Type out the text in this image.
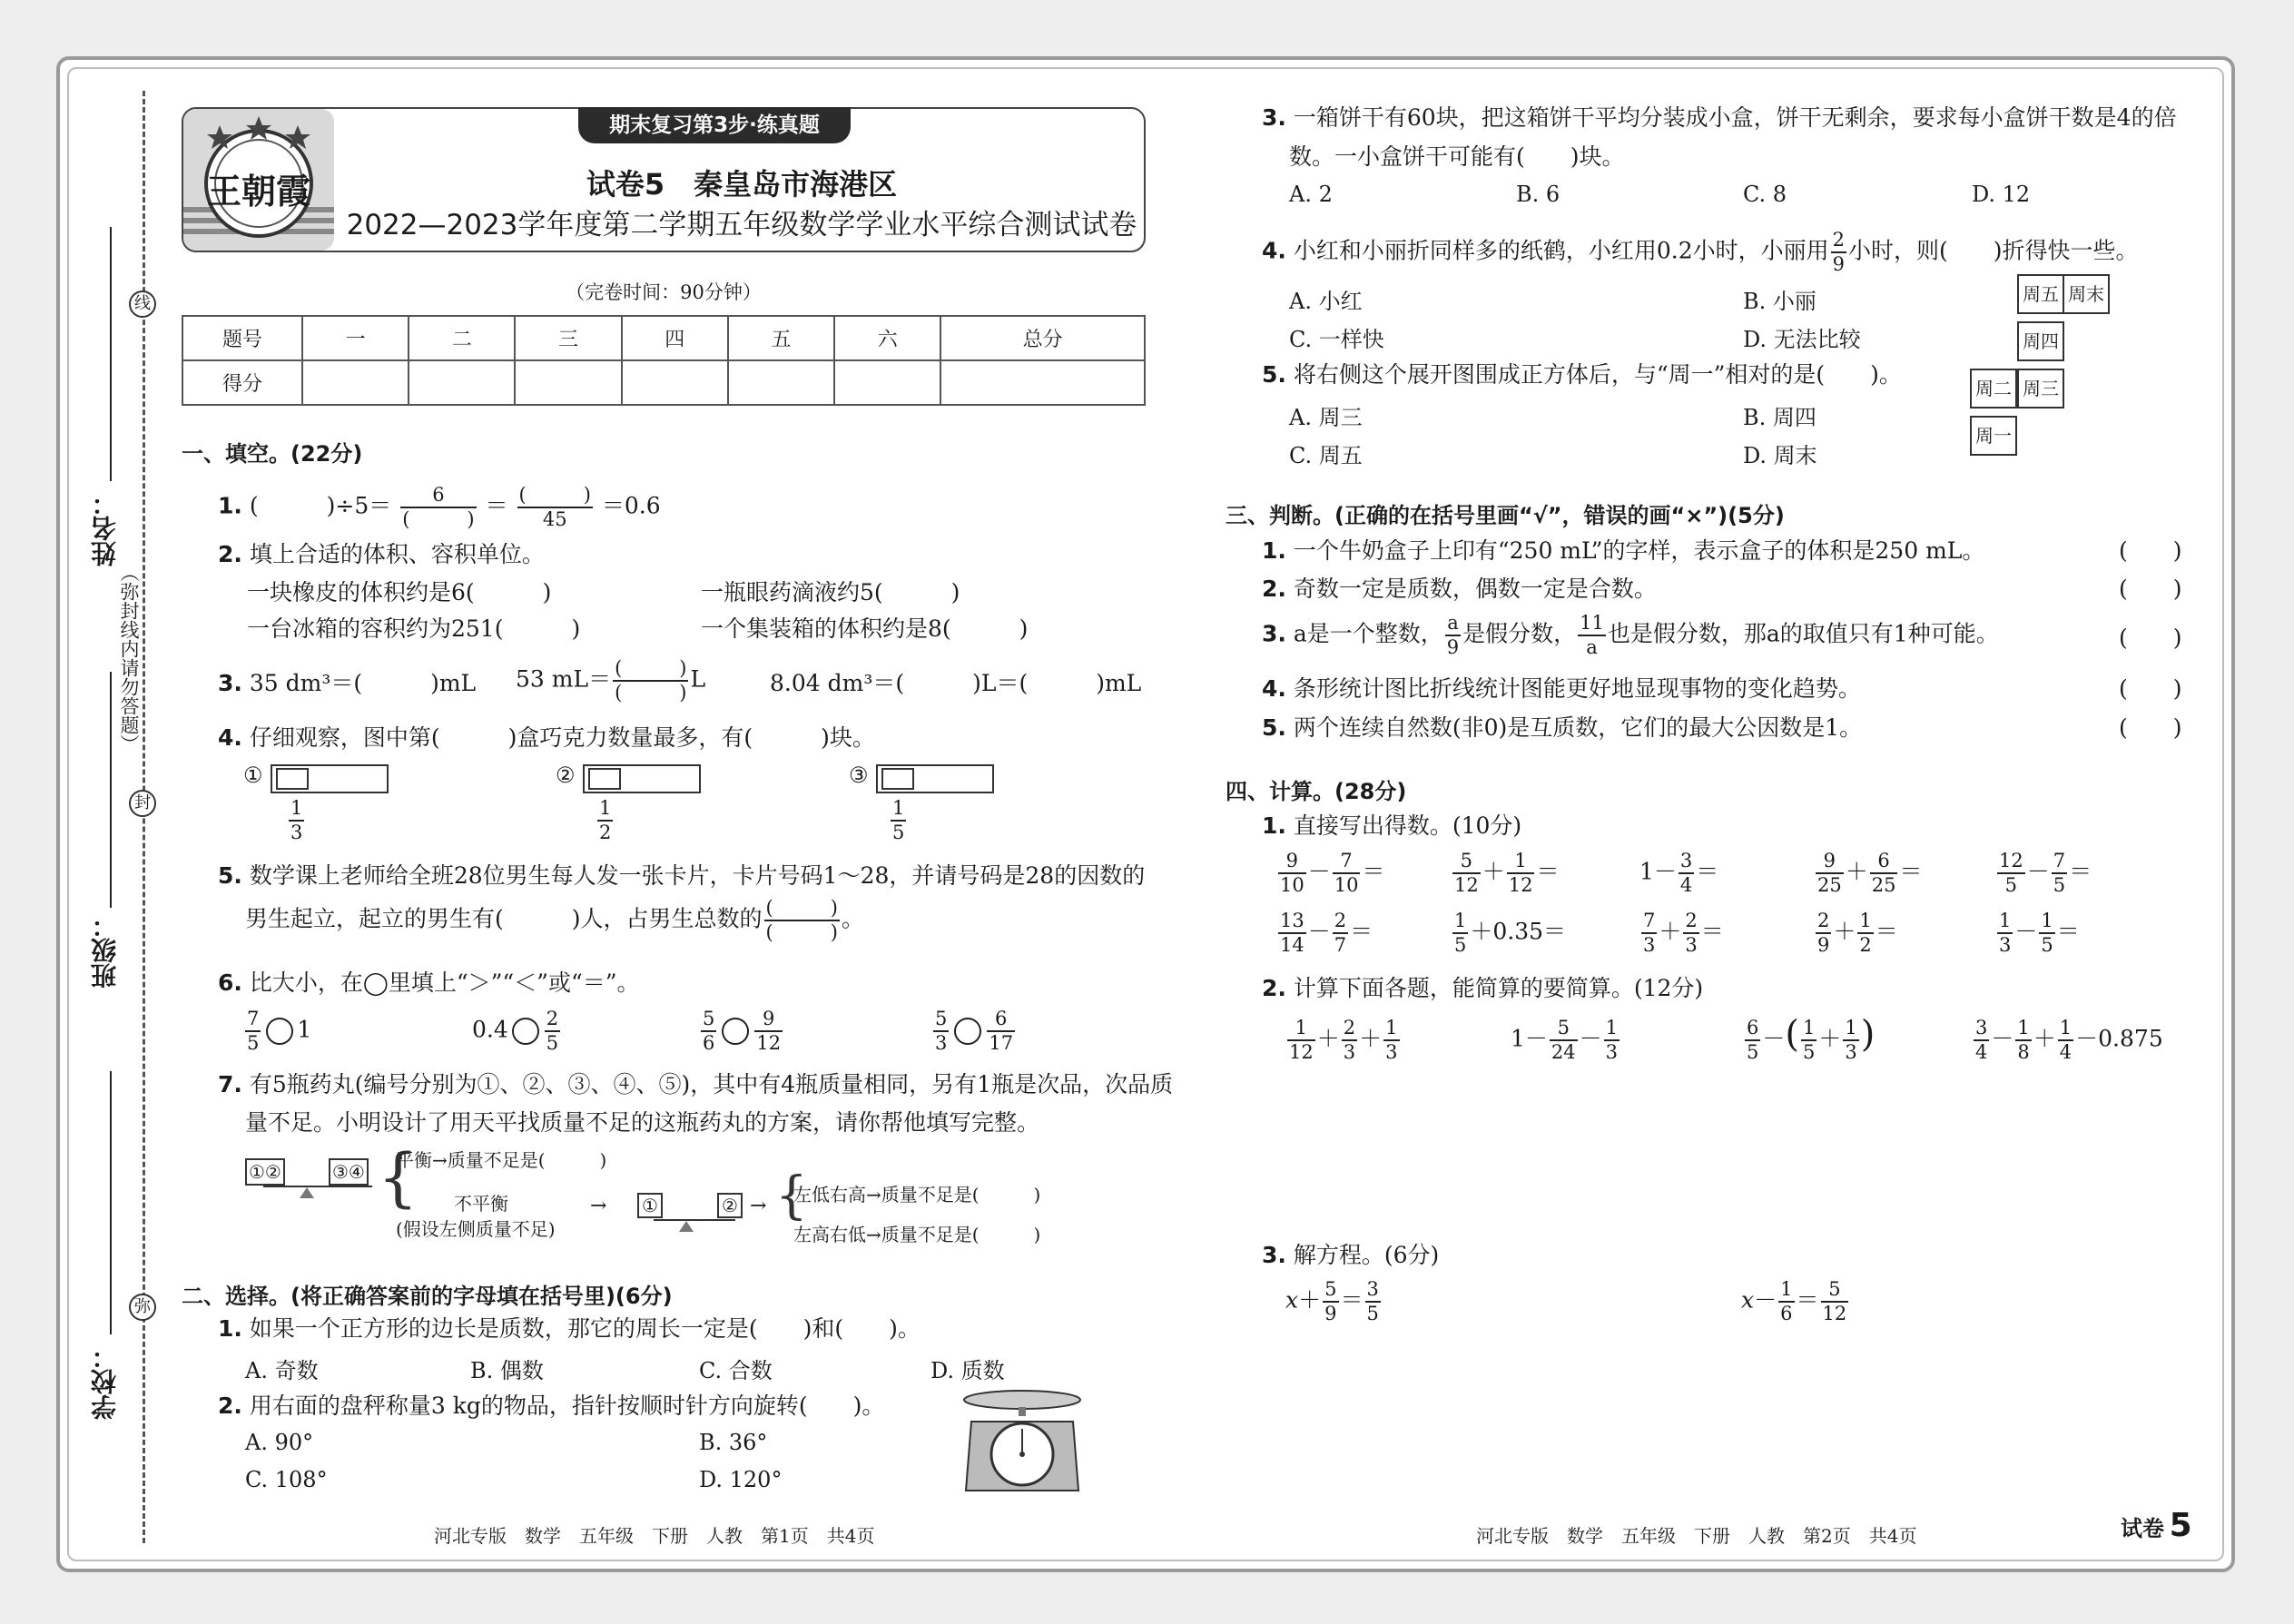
线
封
弥
（弥封线内请勿答题）
姓名：
班级：
学校：
王朝霞
期末复习第3步·练真题
试卷5　秦皇岛市海港区
2022—2023学年度第二学期五年级数学学业水平综合测试试卷
（完卷时间：90分钟）
题号	一	二	三	四	五	六	总分
得分							
一、填空。(22分)
1. (　　　)$\div 5= \frac{6}{( )} = \frac{( )}{45} =0.6$
2. 填上合适的体积、容积单位。
一块橡皮的体积约是6(　　　)	一瓶眼药滴液约5(　　　)
一台冰箱的容积约为251(　　　)	一个集装箱的体积约是8(　　　)
3. 35 dm³＝(　　　)mL 53 $mL= \frac{( )}{( )}$ L	8.04 dm³＝(　　　)L＝(　　　)mL
4. 仔细观察，图中第(　　　)盒巧克力数量最多，有(　　　)块。
①
$\frac{1}{3}$
②
$\frac{1}{2}$
③
$\frac{1}{5}$
5. 数学课上老师给全班28位男生每人发一张卡片，卡片号码1～28，并请号码是28的因数的
男生起立，起立的男生有(　　　)人，占男生总数的 $\frac{( )}{( )}$ 。
6. 比大小，在◯里填上“＞”“＜”或“＝”。
$\frac{7}{5} 1$	$0.4 \frac{2}{5}$	$\frac{5}{6} \frac{9}{12}$	$\frac{5}{3} \frac{6}{17}$
7. 有5瓶药丸(编号分别为①、②、③、④、⑤)，其中有4瓶质量相同，另有1瓶是次品，次品质
量不足。小明设计了用天平找质量不足的这瓶药丸的方案，请你帮他填写完整。
①②	③④ {
平衡→质量不足是(　　　)
不平衡
(假设左侧质量不足)
→ ①	② → {
左低右高→质量不足是(　　　)
左高右低→质量不足是(　　　)
二、选择。(将正确答案前的字母填在括号里)(6分)
1. 如果一个正方形的边长是质数，那它的周长一定是(　　)和(　　)。
A. 奇数	B. 偶数	C. 合数	D. 质数
2. 用右面的盘秤称量3 kg的物品，指针按顺时针方向旋转(　　)。
A. 90°	B. 36°
C. 108°	D. 120°
3. 一箱饼干有60块，把这箱饼干平均分装成小盒，饼干无剩余，要求每小盒饼干数是4的倍
数。一小盒饼干可能有(　　)块。
A. 2	B. 6	C. 8	D. 12
4. 小红和小丽折同样多的纸鹤，小红用0.2小时，小丽用 $\frac{2}{9}$ 小时，则(　　)折得快一些。
A. 小红	B. 小丽
C. 一样快	D. 无法比较
5. 将右侧这个展开图围成正方体后，与“周一”相对的是(　　)。
A. 周三	B. 周四
C. 周五	D. 周末
周五 周末
周四
周二 周三
周一
三、判断。(正确的在括号里画“√”，错误的画“×”)(5分)
1. 一个牛奶盒子上印有“250 mL”的字样，表示盒子的体积是250 mL。	(　　)
2. 奇数一定是质数，偶数一定是合数。	(　　)
3. a是一个整数， $\frac{a}{9}$ 是假分数， $\frac{11}{a}$ 也是假分数，那a的取值只有1种可能。	(　　)
4. 条形统计图比折线统计图能更好地显现事物的变化趋势。	(　　)
5. 两个连续自然数(非0)是互质数，它们的最大公因数是1。	(　　)
四、计算。(28分)
1. 直接写出得数。(10分)
$\frac{9}{10} - \frac{7}{10}$ ＝	$\frac{5}{12} + \frac{1}{12}$ ＝	$1- \frac{3}{4}$ ＝	$\frac{9}{25} + \frac{6}{25}$ ＝	$\frac{12}{5} - \frac{7}{5}$ ＝
$\frac{13}{14} - \frac{2}{7}$ ＝	$\frac{1}{5} +0.35=$	$\frac{7}{3} + \frac{2}{3}$ ＝	$\frac{2}{9} + \frac{1}{2}$ ＝	$\frac{1}{3} - \frac{1}{5}$ ＝
2. 计算下面各题，能简算的要简算。(12分)
$\frac{1}{12} + \frac{2}{3} + \frac{1}{3}$	$1- \frac{5}{24} - \frac{1}{3}$	$\frac{6}{5}$ －( $\frac{1}{5} + \frac{1}{3}$ )	$\frac{3}{4} - \frac{1}{8} + \frac{1}{4} -0.875$
3. 解方程。(6分)
$x+ \frac{5}{9} = \frac{3}{5}$	$x- \frac{1}{6} = \frac{5}{12}$
河北专版　数学　五年级　下册　人教　第1页　共4页	河北专版　数学　五年级　下册　人教　第2页　共4页	试卷 5
